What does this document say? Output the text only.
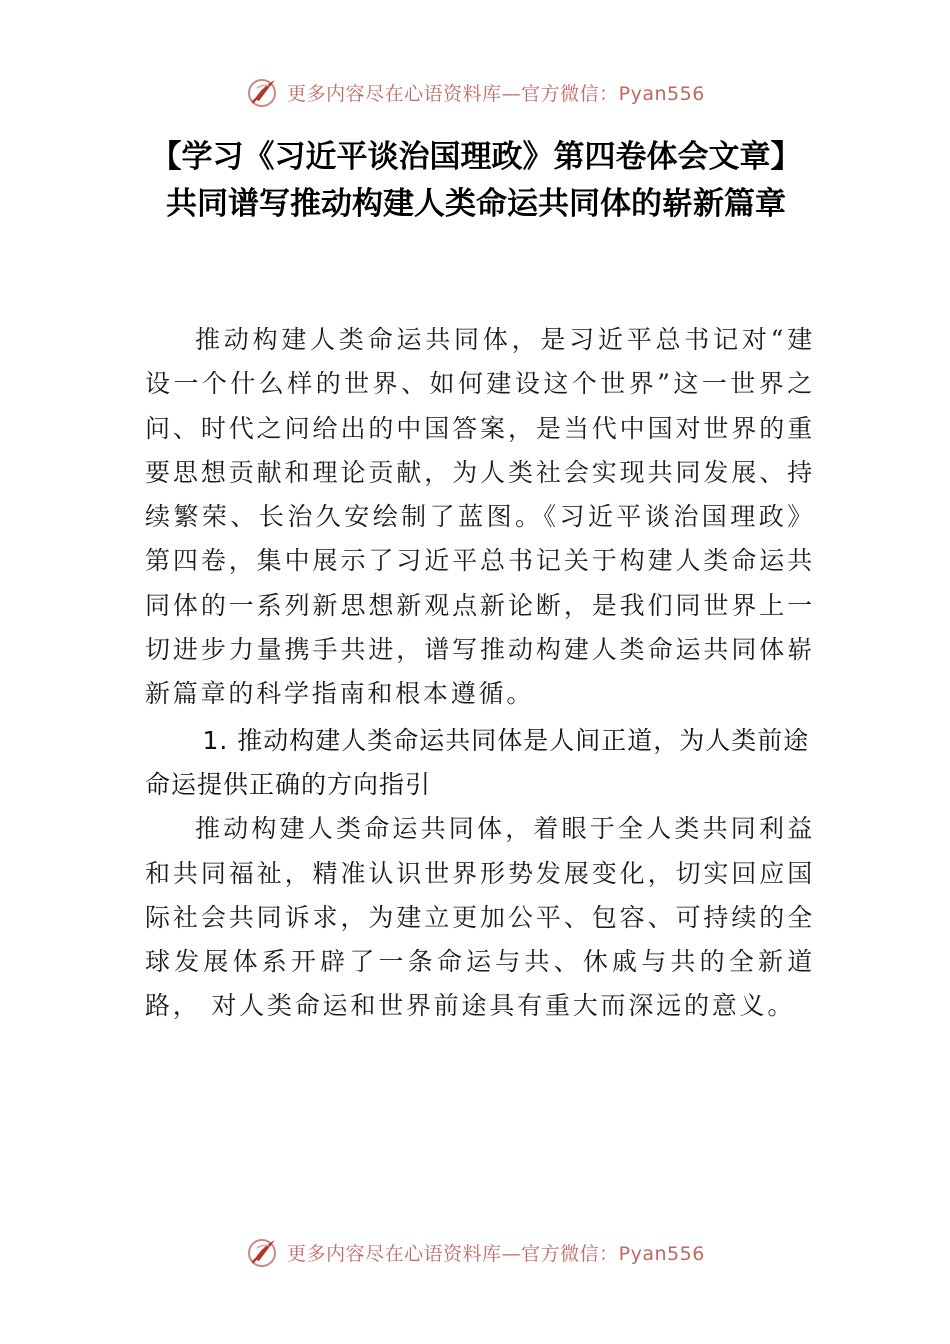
更多内容尽在心语资料库—官方微信：Pyan556
【学习《习近平谈治国理政》第四卷体会文章】共同谱写推动构建人类命运共同体的崭新篇章

推动构建人类命运共同体，是习近平总书记对“建设一个什么样的世界、如何建设这个世界”这一世界之问、时代之问给出的中国答案，是当代中国对世界的重要思想贡献和理论贡献，为人类社会实现共同发展、持续繁荣、长治久安绘制了蓝图。《习近平谈治国理政》第四卷，集中展示了习近平总书记关于构建人类命运共同体的一系列新思想新观点新论断，是我们同世界上一切进步力量携手共进，谱写推动构建人类命运共同体崭新篇章的科学指南和根本遵循。

1. 推动构建人类命运共同体是人间正道，为人类前途命运提供正确的方向指引

推动构建人类命运共同体，着眼于全人类共同利益和共同福祉，精准认识世界形势发展变化，切实回应国际社会共同诉求，为建立更加公平、包容、可持续的全球发展体系开辟了一条命运与共、休戚与共的全新道路， 对人类命运和世界前途具有重大而深远的意义。

更多内容尽在心语资料库—官方微信：Pyan556
